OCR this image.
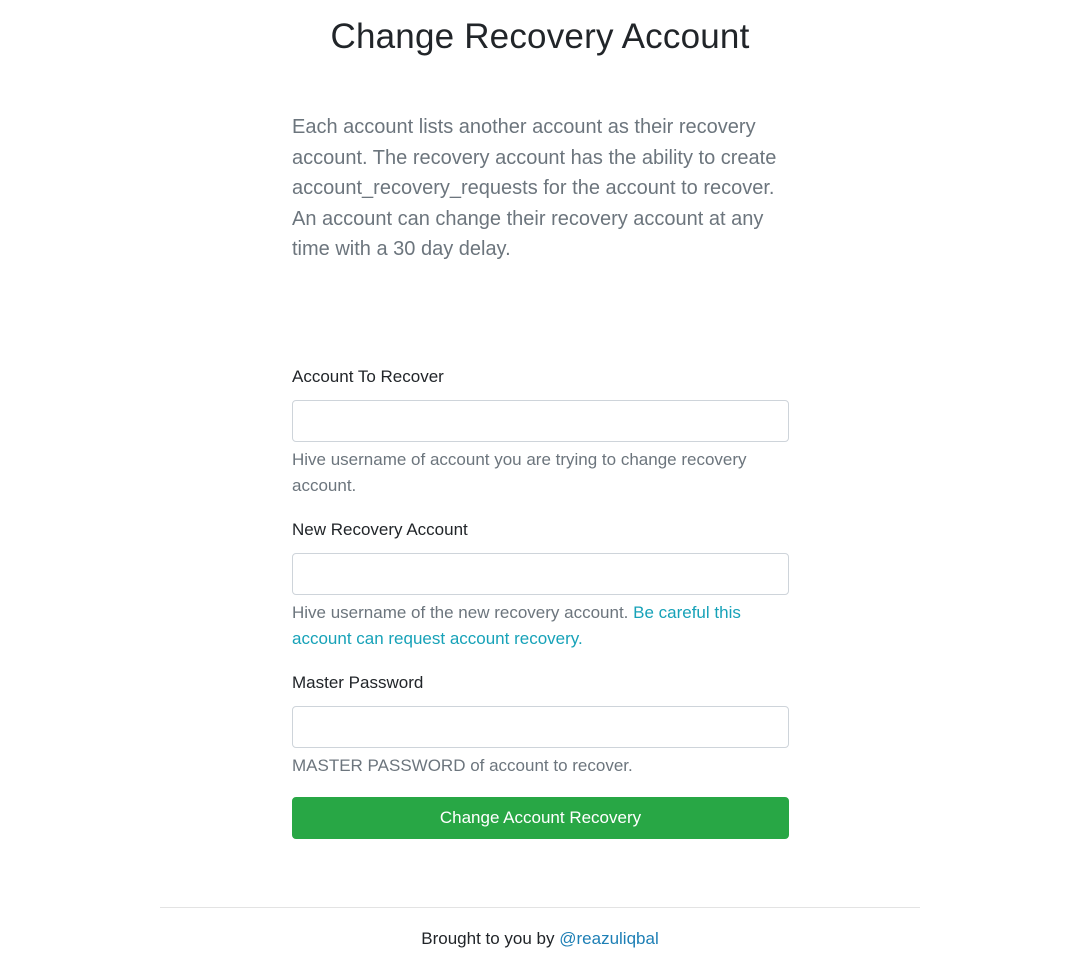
Change Recovery Account

Each account lists another account as their recovery account. The recovery account has the ability to create account_recovery_requests for the account to recover. An account can change their recovery account at any time with a 30 day delay.

Account To Recover
Hive username of account you are trying to change recovery account.
New Recovery Account
Hive username of the new recovery account. Be careful this account can request account recovery.
Master Password
MASTER PASSWORD of account to recover.
Change Account Recovery
Brought to you by @reazuliqbal
